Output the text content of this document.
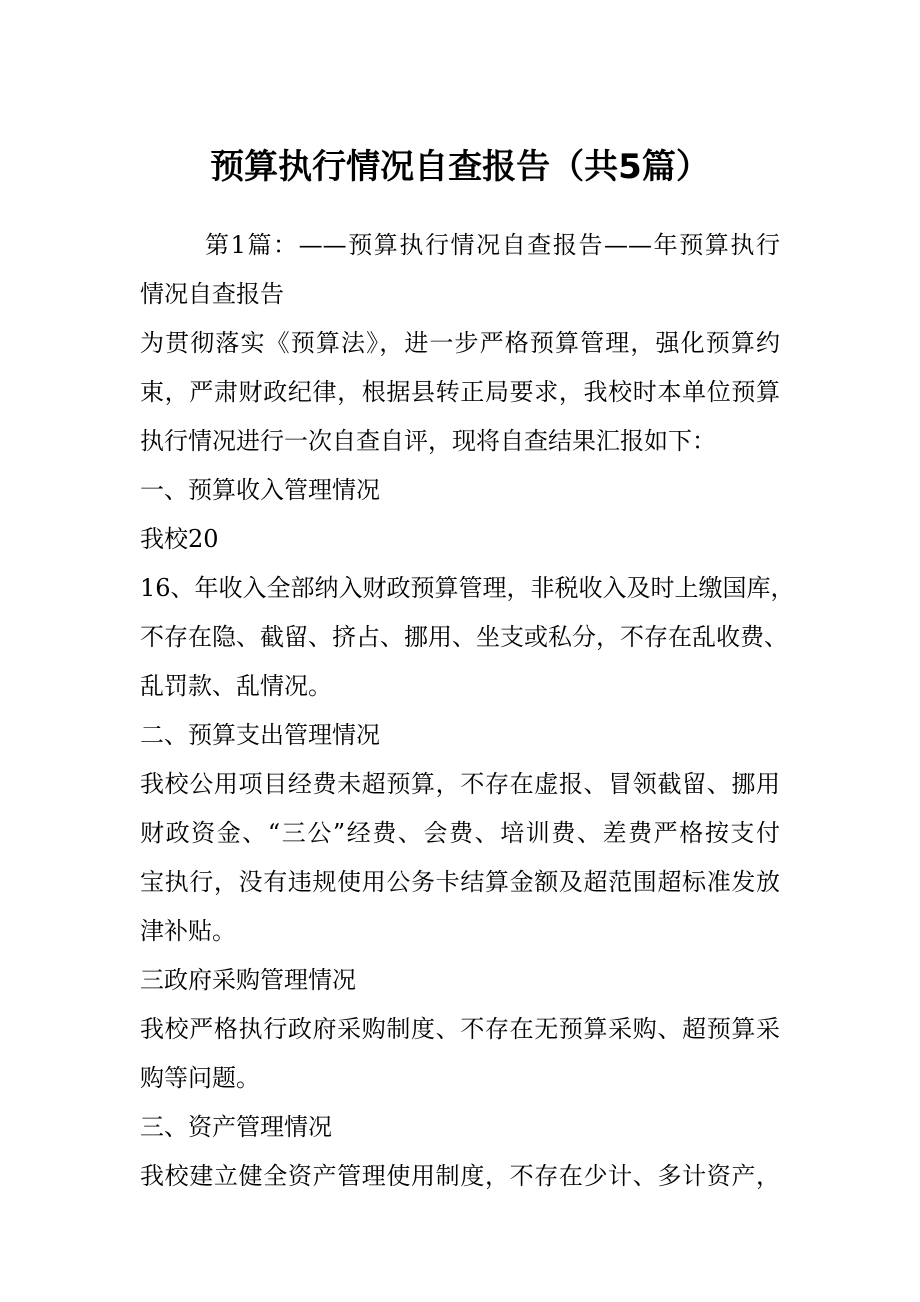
预算执行情况自查报告（共5篇）
第1篇：——预算执行情况自查报告——年预算执行
情况自查报告
为贯彻落实《预算法》，进一步严格预算管理，强化预算约
束，严肃财政纪律，根据县转正局要求，我校时本单位预算
执行情况进行一次自查自评，现将自查结果汇报如下：
一、预算收入管理情况
我校20
16、年收入全部纳入财政预算管理，非税收入及时上缴国库，
不存在隐、截留、挤占、挪用、坐支或私分，不存在乱收费、
乱罚款、乱情况。
二、预算支出管理情况
我校公用项目经费未超预算，不存在虚报、冒领截留、挪用
财政资金、“三公”经费、会费、培训费、差费严格按支付
宝执行，没有违规使用公务卡结算金额及超范围超标准发放
津补贴。
三政府采购管理情况
我校严格执行政府采购制度、不存在无预算采购、超预算采
购等问题。
三、资产管理情况
我校建立健全资产管理使用制度，不存在少计、多计资产，
